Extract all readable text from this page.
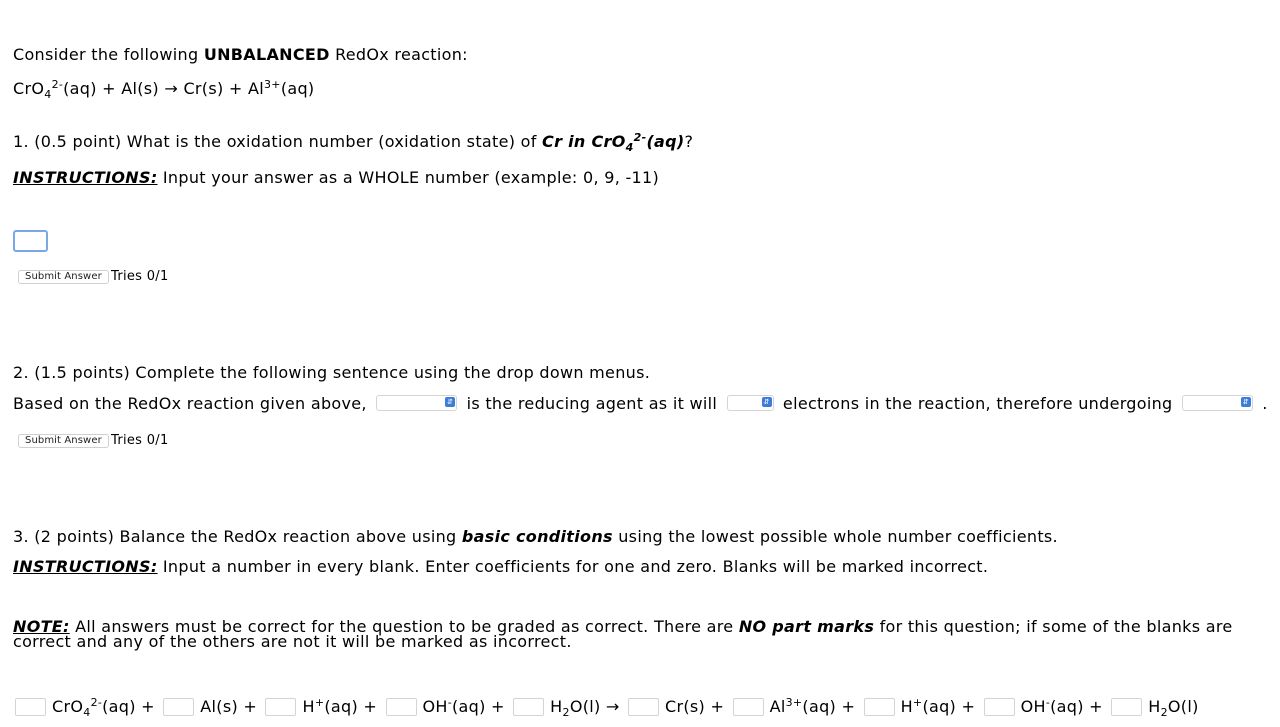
Consider the following UNBALANCED RedOx reaction:
$CrO_4^{2-}(aq) + Al(s) \to Cr(s) + Al^{3+}(aq)$
1. (0.5 point) What is the oxidation number (oxidation state) of Cr in CrO$_4^{2-}$(aq)?
INSTRUCTIONS: Input your answer as a WHOLE number (example: 0, 9, -11)
Submit Answer Tries 0/1
2. (1.5 points) Complete the following sentence using the drop down menus.
Based on the RedOx reaction given above,	⇵ is the reducing agent as it will	⇵ electrons in the reaction, therefore undergoing	⇵ .
Submit Answer Tries 0/1
3. (2 points) Balance the RedOx reaction above using basic conditions using the lowest possible whole number coefficients.
INSTRUCTIONS: Input a number in every blank. Enter coefficients for one and zero. Blanks will be marked incorrect.
NOTE: All answers must be correct for the question to be graded as correct. There are NO part marks for this question; if some of the blanks are correct and any of the others are not it will be marked as incorrect.
CrO$_4^{2-}$(aq) +	Al(s) +	H+(aq) +	OH-(aq) +	$H_2O(l)$ →	Cr(s) +	$Al^{3+}(aq)$ +	H+(aq) +	OH-(aq) +	$H_2O(l)$
